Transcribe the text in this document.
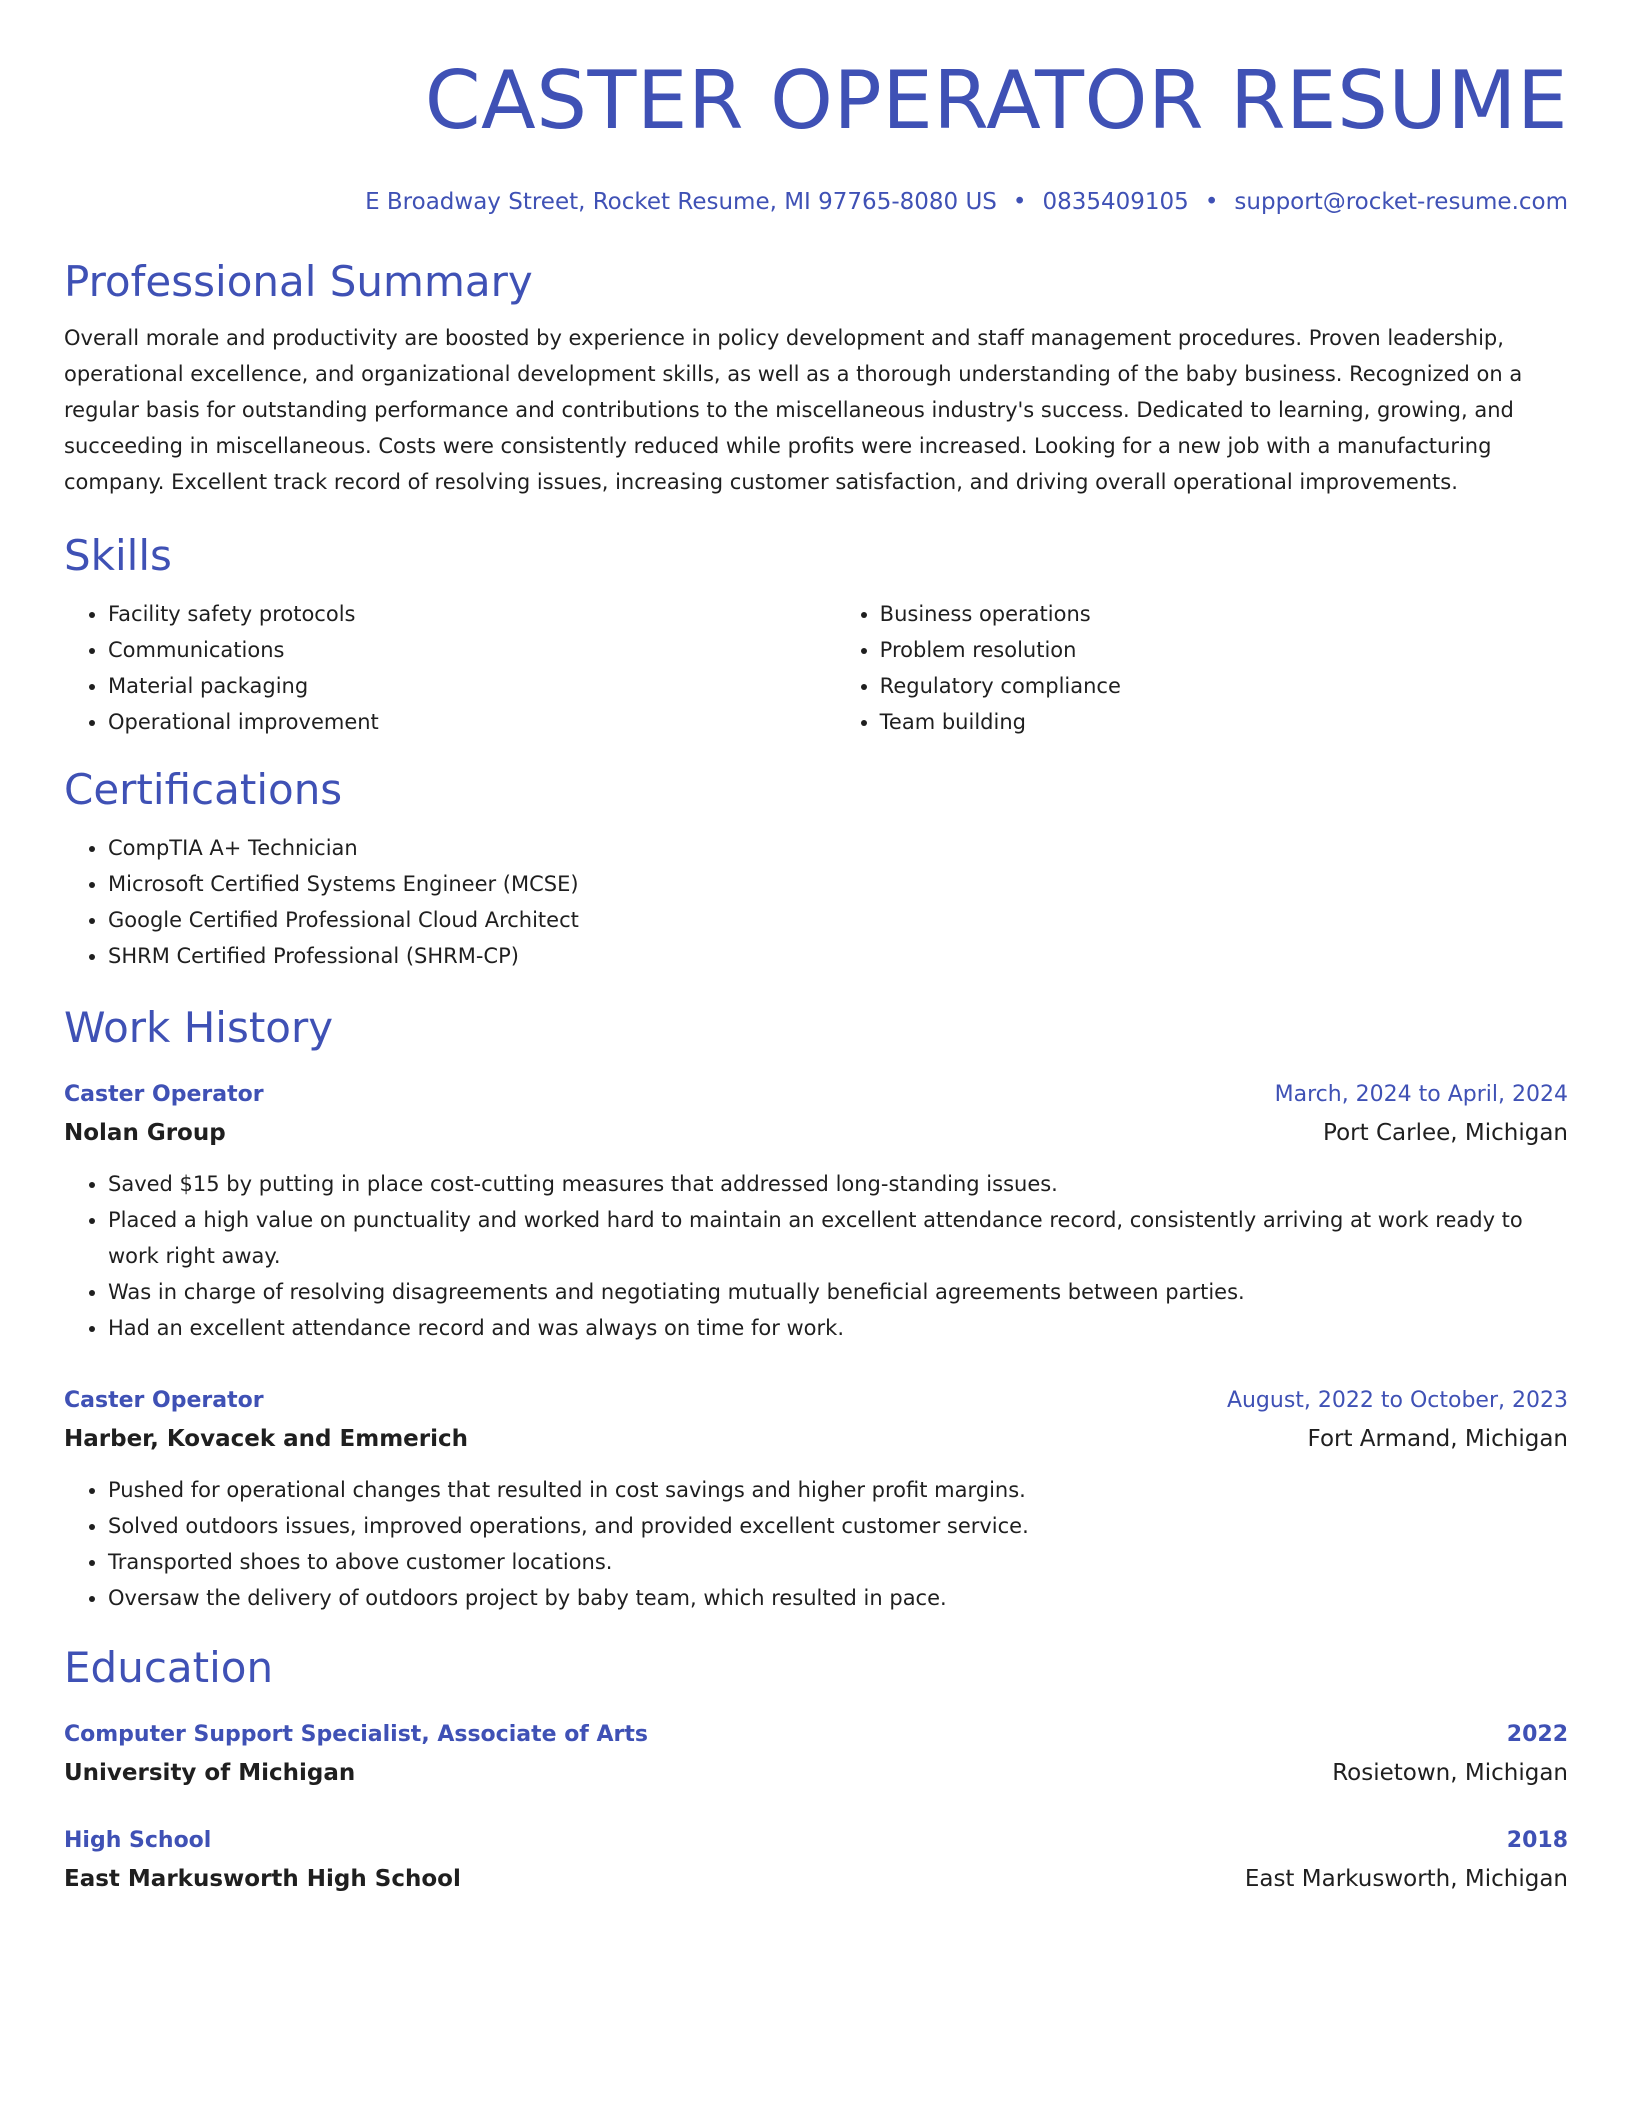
CASTER OPERATOR RESUME
E Broadway Street, Rocket Resume, MI 97765-8080 US • 0835409105 • support@rocket-resume.com
Professional Summary

Overall morale and productivity are boosted by experience in policy development and staff management procedures. Proven leadership, operational excellence, and organizational development skills, as well as a thorough understanding of the baby business. Recognized on a regular basis for outstanding performance and contributions to the miscellaneous industry's success. Dedicated to learning, growing, and succeeding in miscellaneous. Costs were consistently reduced while profits were increased. Looking for a new job with a manufacturing company. Excellent track record of resolving issues, increasing customer satisfaction, and driving overall operational improvements.

Skills
• Facility safety protocols
• Communications
• Material packaging
• Operational improvement
• Business operations
• Problem resolution
• Regulatory compliance
• Team building
Certifications
• CompTIA A+ Technician
• Microsoft Certified Systems Engineer (MCSE)
• Google Certified Professional Cloud Architect
• SHRM Certified Professional (SHRM-CP)
Work History
Caster Operator	March, 2024 to April, 2024
Nolan Group	Port Carlee, Michigan
• Saved $15 by putting in place cost-cutting measures that addressed long-standing issues.
• Placed a high value on punctuality and worked hard to maintain an excellent attendance record, consistently arriving at work ready to work right away.
• Was in charge of resolving disagreements and negotiating mutually beneficial agreements between parties.
• Had an excellent attendance record and was always on time for work.
Caster Operator	August, 2022 to October, 2023
Harber, Kovacek and Emmerich	Fort Armand, Michigan
• Pushed for operational changes that resulted in cost savings and higher profit margins.
• Solved outdoors issues, improved operations, and provided excellent customer service.
• Transported shoes to above customer locations.
• Oversaw the delivery of outdoors project by baby team, which resulted in pace.
Education
Computer Support Specialist, Associate of Arts	2022
University of Michigan	Rosietown, Michigan
High School	2018
East Markusworth High School	East Markusworth, Michigan
